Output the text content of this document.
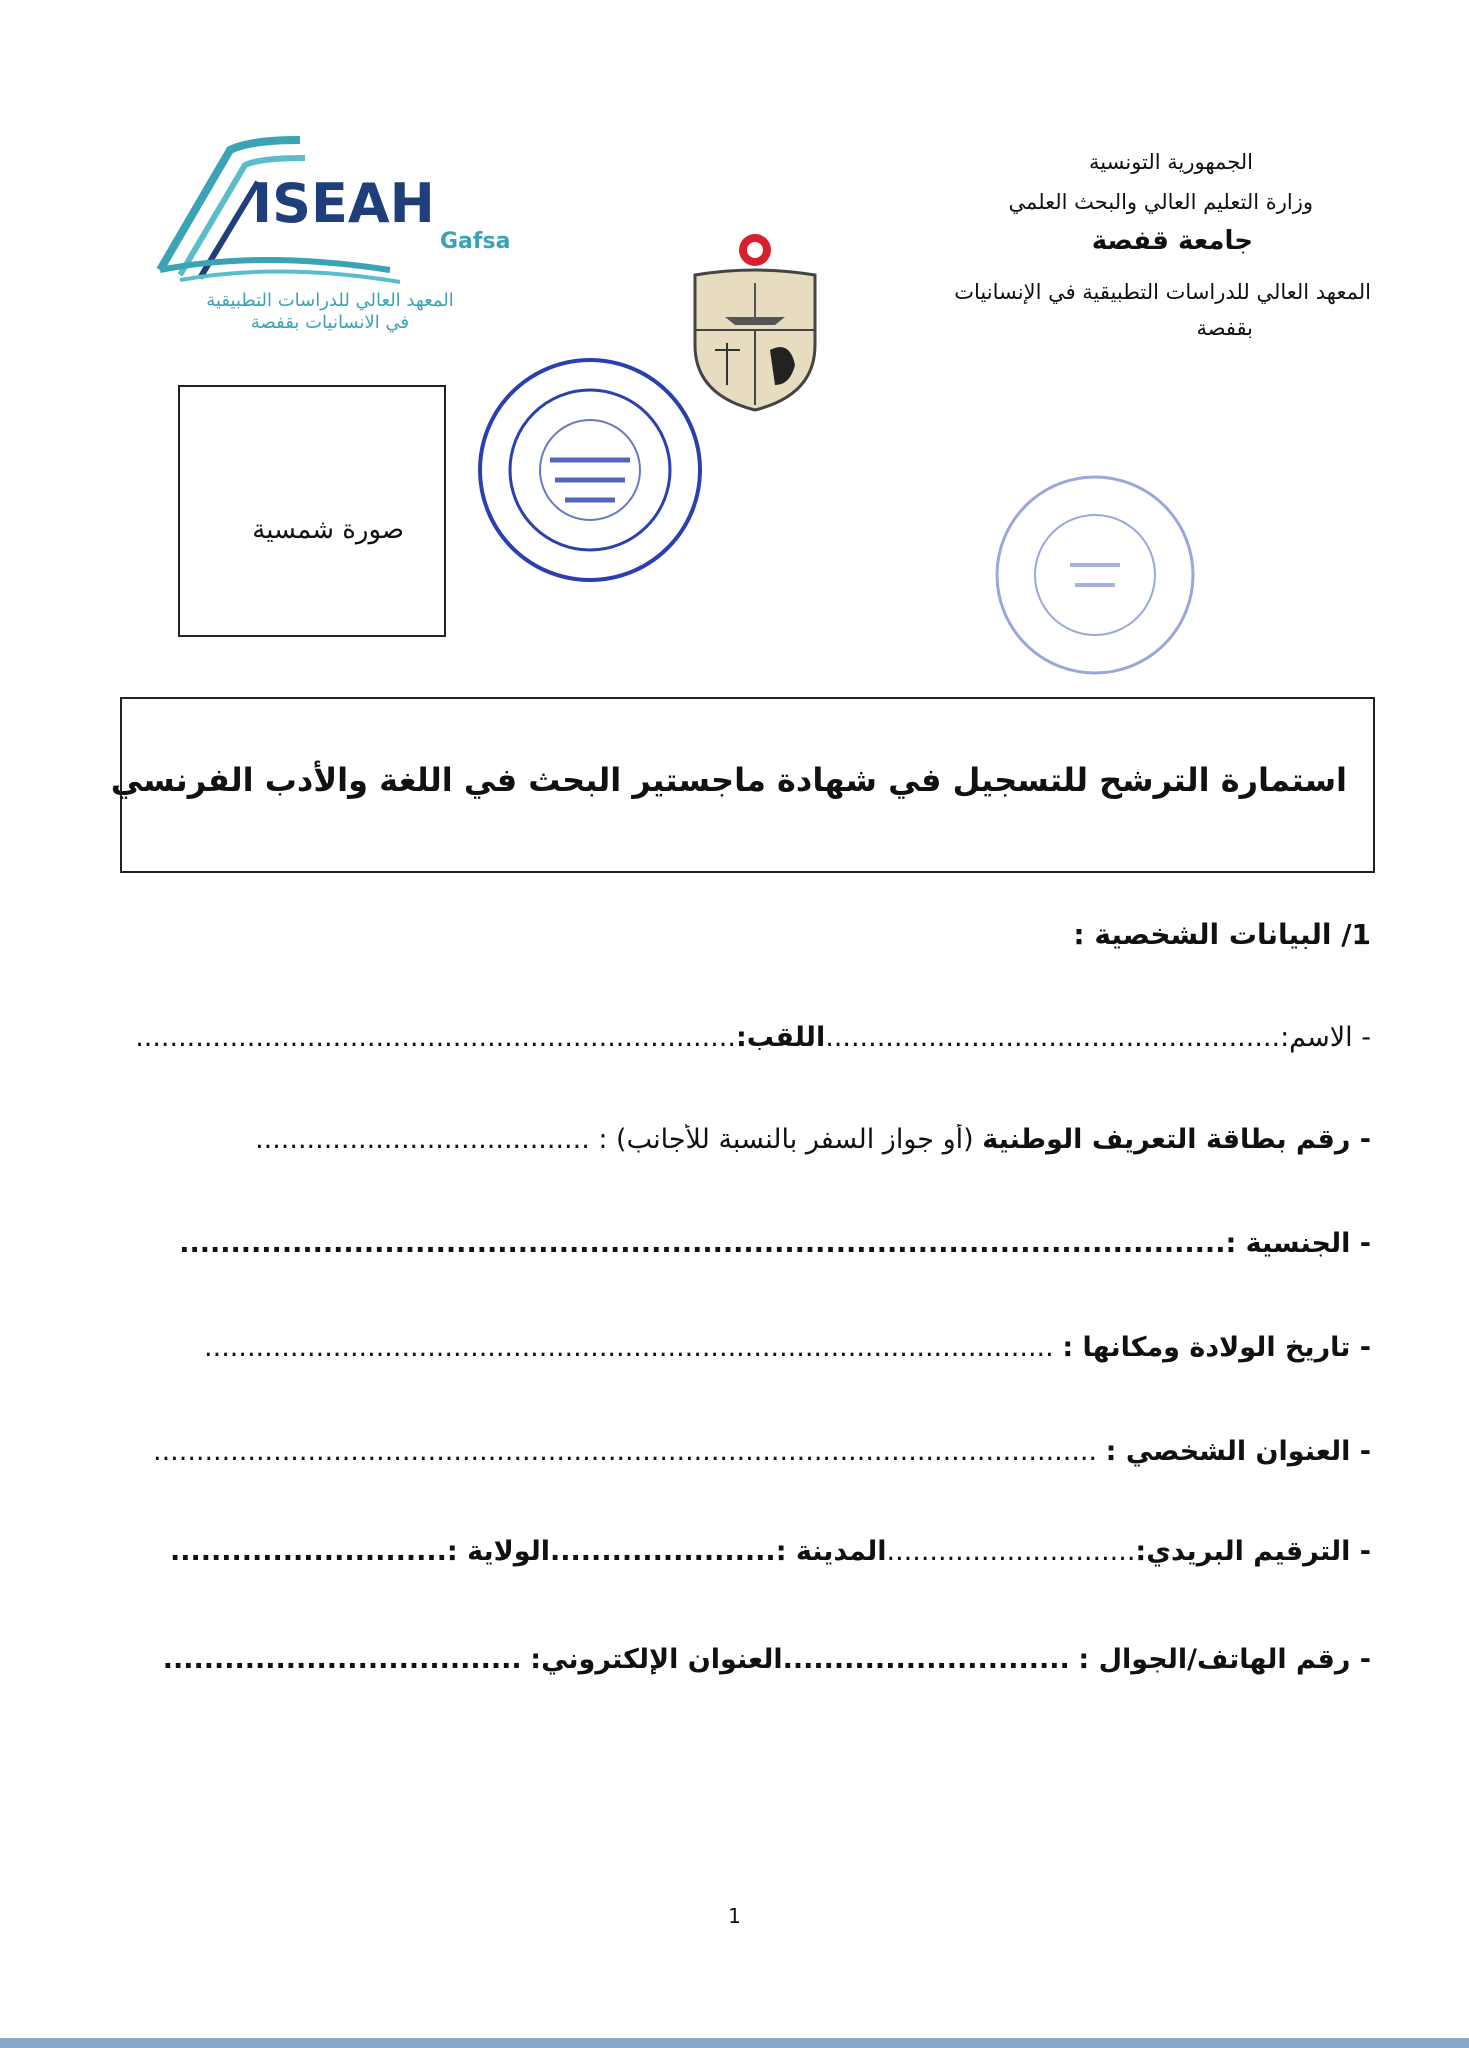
الجمهورية التونسية
وزارة التعليم العالي والبحث العلمي
جامعة قفصة
المعهد العالي للدراسات التطبيقية في الإنسانيات
بقفصة
ISEAH
Gafsa
المعهد العالي للدراسات التطبيقية
في الانسانيات بقفصة
صورة شمسية
استمارة الترشح للتسجيل في شهادة ماجستير البحث في اللغة والأدب الفرنسي
1/ البيانات الشخصية :
- الاسم:.....................................................اللقب:......................................................................
- رقم بطاقة التعريف الوطنية (أو جواز السفر بالنسبة للأجانب) : .......................................
- الجنسية :......................................................................................................
- تاريخ الولادة ومكانها : ...................................................................................................
- العنوان الشخصي : ..............................................................................................................
- الترقيم البريدي:.............................المدينة :......................الولاية :...........................
- رقم الهاتف/الجوال : ............................العنوان الإلكتروني: ...................................
1
